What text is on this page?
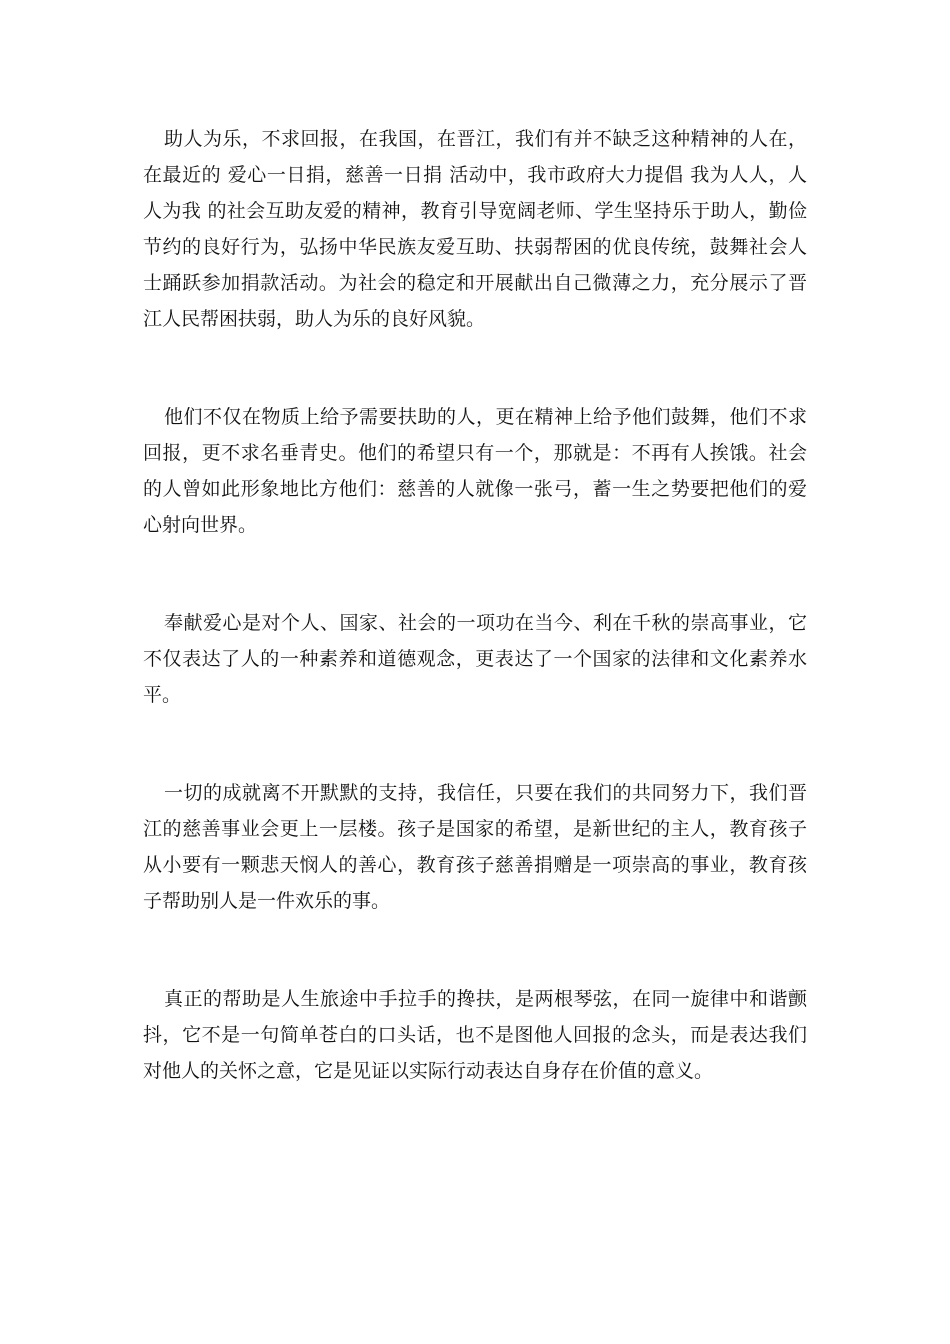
助人为乐，不求回报，在我国，在晋江，我们有并不缺乏这种精神的人在，在最近的 爱心一日捐，慈善一日捐 活动中，我市政府大力提倡 我为人人，人人为我 的社会互助友爱的精神，教育引导宽阔老师、学生坚持乐于助人，勤俭节约的良好行为，弘扬中华民族友爱互助、扶弱帮困的优良传统，鼓舞社会人士踊跃参加捐款活动。为社会的稳定和开展献出自己微薄之力，充分展示了晋江人民帮困扶弱，助人为乐的良好风貌。

他们不仅在物质上给予需要扶助的人，更在精神上给予他们鼓舞，他们不求回报，更不求名垂青史。他们的希望只有一个，那就是：不再有人挨饿。社会的人曾如此形象地比方他们：慈善的人就像一张弓，蓄一生之势要把他们的爱心射向世界。

奉献爱心是对个人、国家、社会的一项功在当今、利在千秋的崇高事业，它不仅表达了人的一种素养和道德观念，更表达了一个国家的法律和文化素养水平。

一切的成就离不开默默的支持，我信任，只要在我们的共同努力下，我们晋江的慈善事业会更上一层楼。孩子是国家的希望，是新世纪的主人，教育孩子从小要有一颗悲天悯人的善心，教育孩子慈善捐赠是一项崇高的事业，教育孩子帮助别人是一件欢乐的事。

真正的帮助是人生旅途中手拉手的搀扶，是两根琴弦，在同一旋律中和谐颤抖，它不是一句简单苍白的口头话，也不是图他人回报的念头，而是表达我们对他人的关怀之意，它是见证以实际行动表达自身存在价值的意义。
